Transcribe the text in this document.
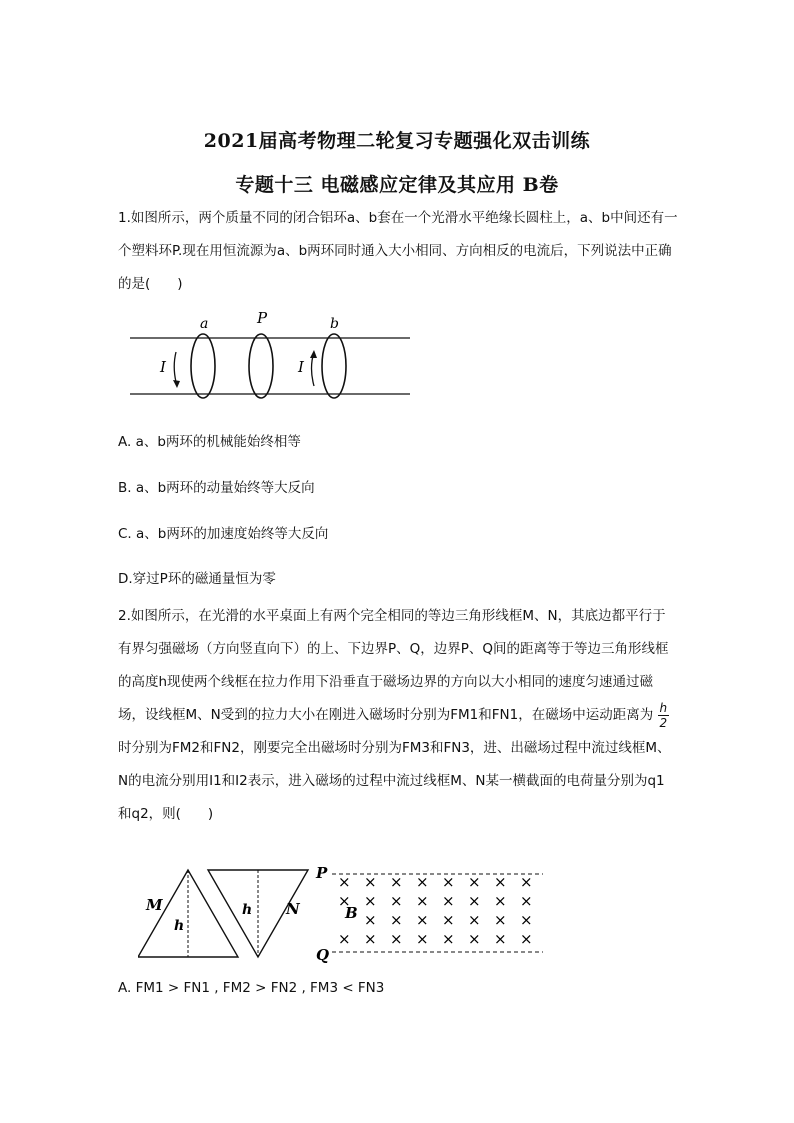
2021届高考物理二轮复习专题强化双击训练
专题十三 电磁感应定律及其应用 B卷
1.如图所示，两个质量不同的闭合铝环a、b套在一个光滑水平绝缘长圆柱上，a、b中间还有一个塑料环P.现在用恒流源为a、b两环同时通入大小相同、方向相反的电流后，下列说法中正确的是(　　)
a	P	b
I	I
A. a、b两环的机械能始终相等
B. a、b两环的动量始终等大反向
C. a、b两环的加速度始终等大反向
D.穿过P环的磁通量恒为零
2.如图所示，在光滑的水平桌面上有两个完全相同的等边三角形线框M、N，其底边都平行于有界匀强磁场（方向竖直向下）的上、下边界P、Q，边界P、Q间的距离等于等边三角形线框的高度h现使两个线框在拉力作用下沿垂直于磁场边界的方向以大小相同的速度匀速通过磁场，设线框M、N受到的拉力大小在刚进入磁场时分别为FM1和FN1，在磁场中运动距离为 $\frac{h}{2}$
时分别为FM2和FN2，刚要完全出磁场时分别为FM3和FN3，进、出磁场过程中流过线框M、N的电流分别用I1和I2表示，进入磁场的过程中流过线框M、N某一横截面的电荷量分别为q1和q2，则(　　)
M
h
h N
P
Q
B
× × × × × × × ×
× × × × × × × ×
× × × × × × ×
× × × × × × × ×
A. FM1 > FN1 , FM2 > FN2 , FM3 < FN3
